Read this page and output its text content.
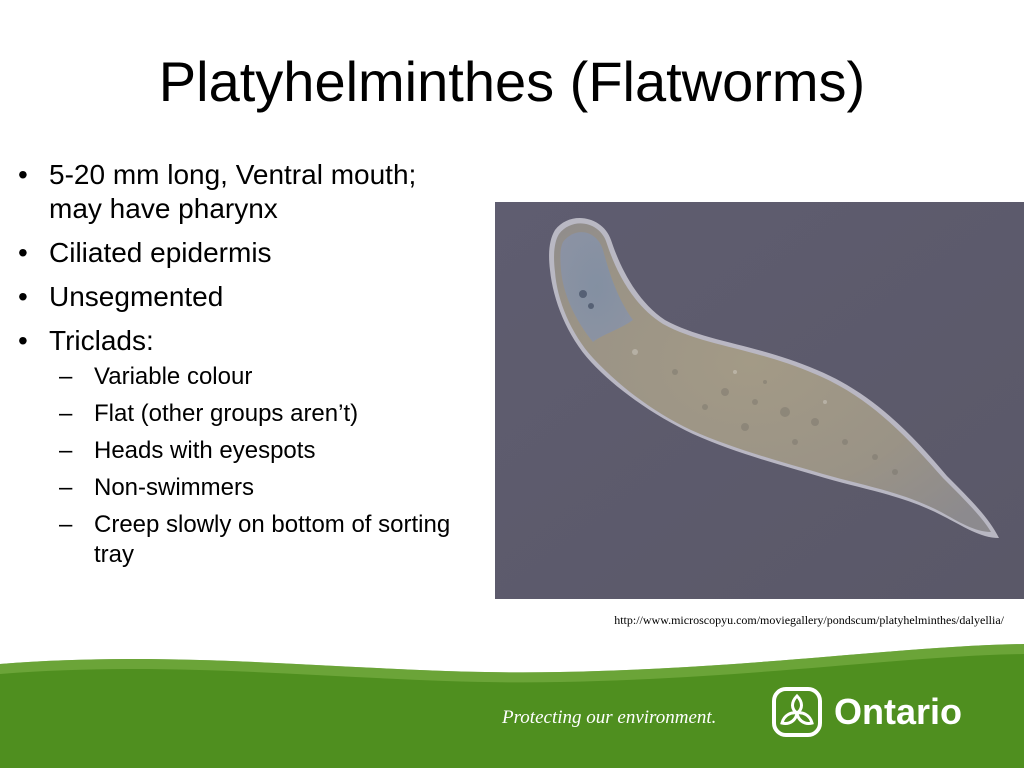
Platyhelminthes (Flatworms)
• 5-20 mm long, Ventral mouth; may have pharynx
• Ciliated epidermis
• Unsegmented
• Triclads:
– Variable colour
– Flat (other groups aren’t)
– Heads with eyespots
– Non-swimmers
– Creep slowly on bottom of sorting tray
http://www.microscopyu.com/moviegallery/pondscum/platyhelminthes/dalyellia/
Protecting our environment.	Ontario
